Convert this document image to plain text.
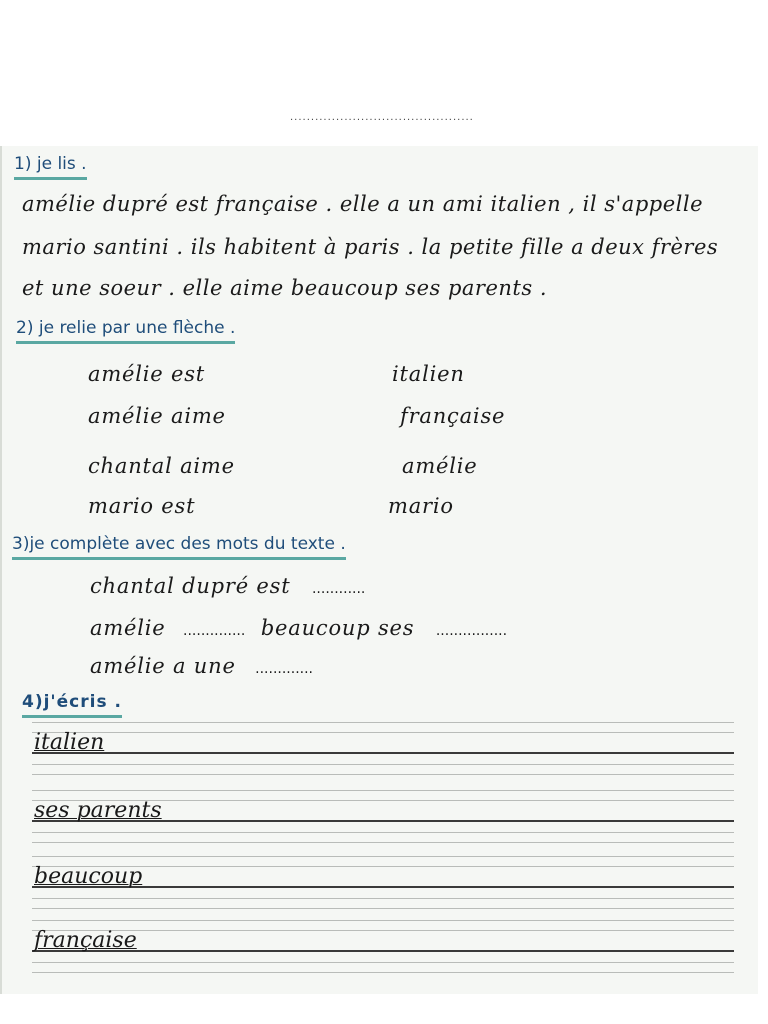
............................................
1) je lis .
amélie dupré est française . elle a un ami italien , il s'appelle
mario santini . ils habitent à paris . la petite fille a deux frères
et une soeur . elle aime beaucoup ses parents .
2) je relie par une flèche .
amélie est
amélie aime
chantal aime
mario est
italien
française
amélie
mario
3)je complète avec des mots du texte .
chantal dupré est ............
amélie .............. beaucoup ses ................
amélie a une .............
4)j'écris .
italien
ses parents
beaucoup
française
